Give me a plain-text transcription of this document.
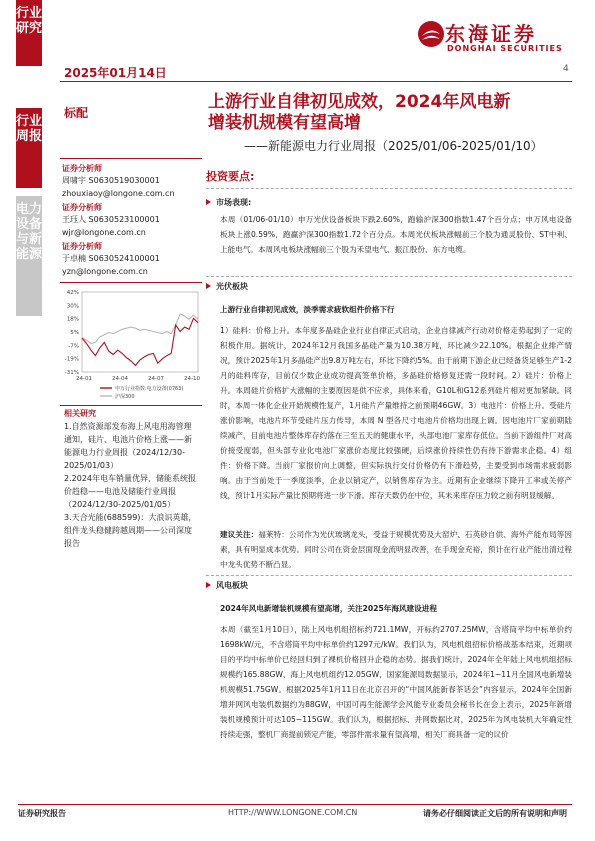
行业研究
行业周报
电力设备与新能源
东海证券
DONGHAI SECURITIES
2025年01月14日	4
标配
上游行业自律初见成效，2024年风电新
增装机规模有望高增
——新能源电力行业周报（2025/01/06-2025/01/10）
证券分析师
周啸宇 S0630519030001
zhouxiaoy@longone.com.cn
证券分析师
王珏人 S0630523100001
wjr@longone.com.cn
证券分析师
于卓楠 S0630524100001
yzn@longone.com.cn
42%
30%
18%
5%
-7%
-19%
-31%
24-01	24-04	24-07	24-10
申万行业指数:电力设备(0763)
沪深300
相关研究
1.自然资源部发布海上风电用海管理通知，硅片、电池片价格上涨——新能源电力行业周报（2024/12/30-2025/01/03）
2.2024年电车销量优异，储能系统报价趋稳——电池及储能行业周报（2024/12/30-2025/01/05）
3.天合光能(688599)：大浪识英雄，组件龙头稳健跨越周期——公司深度报告
投资要点:
市场表现:
本周（01/06-01/10）申万光伏设备板块下跌2.60%，跑输沪深300指数1.47个百分点；申万风电设备板块上涨0.59%，跑赢沪深300指数1.72个百分点。本周光伏板块涨幅前三个股为通灵股份、ST中利、上能电气。本周风电板块涨幅前三个股为禾望电气、振江股份、东方电缆。
光伏板块
上游行业自律初见成效，淡季需求疲软组件价格下行
1）硅料：价格上升。本年度多晶硅企业行业自律正式启动，企业自律减产行动对价格走势起到了一定的积极作用。据统计，2024年12月我国多晶硅产量为10.38万吨，环比减少22.10%。根据企业排产情况，预计2025年1月多晶硅产出9.8万吨左右，环比下降约5%。由于前期下游企业已经备货足够生产1-2月的硅料库存，目前仅少数企业成功提高签单价格，多晶硅价格修复还需一段时间。2）硅片：价格上升。本周硅片价格扩大涨幅的主要原因是供不应求，具体来看，G10L和G12系列硅片相对更加紧缺。同时，本周一体化企业开始规模性复产，1月硅片产量维持之前预期46GW。3）电池片：价格上升。受硅片涨价影响，电池片环节受硅片压力传导，本周 N 型各尺寸电池片价格均出现上调。因电池片厂家前期陆续减产，目前电池片整体库存约落在三至五天的健康水平，头部电池厂家库存低位。当前下游组件厂对高价接受度弱，但头部专业化电池厂家涨价态度比较强硬，后续涨价持续性仍有待下游需求企稳。4）组件：价格下降。当前厂家报价向上调整，但实际执行交付价格仍有下滑趋势，主要受到市场需求疲弱影响。由于当前处于一季度淡季，企业以销定产，以销售库存为主。近期有企业继续下降开工率或关停产线，预计1月实际产量比预期将进一步下滑。库存天数仍在中位，其未来库存压力较之前有明显缓解。
建议关注：福莱特：公司作为光伏玻璃龙头，受益于规模优势及大窑炉、石英砂自供、海外产能布局等因素，具有明显成本优势。同时公司在资金层面现金流明显改善，在手现金充裕，预计在行业产能出清过程中龙头优势不断凸显。
风电板块
2024年风电新增装机规模有望高增，关注2025年海风建设进程
本周（截至1月10日），陆上风电机组招标约721.1MW，开标约2707.25MW，含塔筒平均中标单价约1698kW/元，不含塔筒平均中标单价约1297元/kW。我们认为，风电机组招标价格战基本结束，近期项目的平均中标单价已经回归到了裸机价格回升企稳的态势。据我们统计，2024年全年陆上风电机组招标规模约165.88GW、海上风电机组约12.05GW，国家能源局数据显示，2024年1~11月全国风电新增装机规模51.75GW。根据2025年1月11日在北京召开的“中国风能新春茶话会”内容显示，2024年全国新增并网风电装机数据约为88GW，中国可再生能源学会风能专业委员会秘书长在会上表示，2025年新增装机规模预计可达105~115GW。我们认为，根据招标、并网数据比对，2025年为风电装机大年确定性持续走强，整机厂商提前锁定产能，零部件需求量有望高增，相关厂商具备一定的议价
证券研究报告	HTTP://WWW.LONGONE.COM.CN	请务必仔细阅读正文后的所有说明和声明
